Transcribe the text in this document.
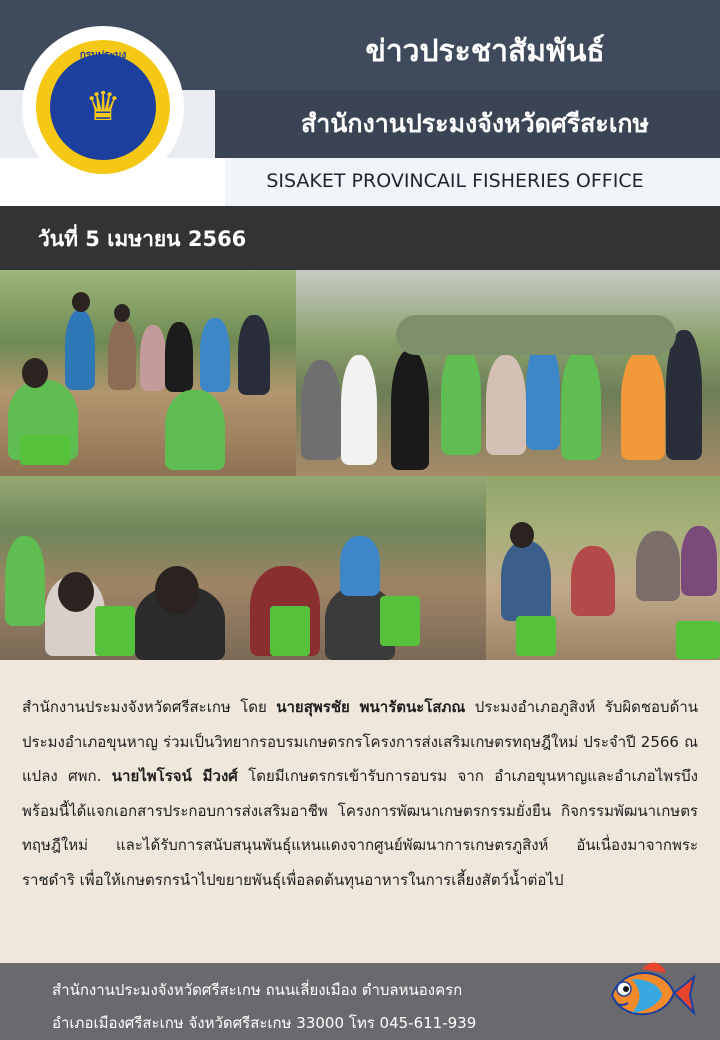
ข่าวประชาสัมพันธ์
สำนักงานประมงจังหวัดศรีสะเกษ
SISAKET PROVINCAIL FISHERIES OFFICE
กรมประมง
♛
วันที่ 5 เมษายน 2566
สำนักงานประมงจังหวัดศรีสะเกษ โดย นายสุพรชัย พนารัตนะโสภณ ประมงอำเภอภูสิงห์ รับผิดชอบด้านประมงอำเภอขุนหาญ ร่วมเป็นวิทยากรอบรมเกษตรกรโครงการส่งเสริมเกษตรทฤษฎีใหม่ ประจำปี 2566 ณ แปลง ศพก. นายไพโรจน์ มีวงศ์ โดยมีเกษตรกรเข้ารับการอบรม จาก อำเภอขุนหาญและอำเภอไพรบึง พร้อมนี้ได้แจกเอกสารประกอบการส่งเสริมอาชีพ โครงการพัฒนาเกษตรกรรมยั่งยืน กิจกรรมพัฒนาเกษตรทฤษฎีใหม่ และได้รับการสนับสนุนพันธุ์แหนแดงจากศูนย์พัฒนาการเกษตรภูสิงห์ อันเนื่องมาจากพระราชดำริ เพื่อให้เกษตรกรนำไปขยายพันธุ์เพื่อลดต้นทุนอาหารในการเลี้ยงสัตว์น้ำต่อไป
สำนักงานประมงจังหวัดศรีสะเกษ ถนนเลี่ยงเมือง ตำบลหนองครก
อำเภอเมืองศรีสะเกษ จังหวัดศรีสะเกษ 33000 โทร 045-611-939
